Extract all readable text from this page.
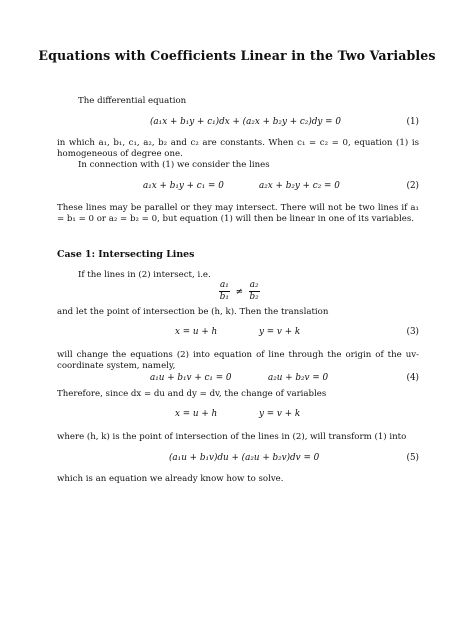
Equations with Coefficients Linear in the Two Variables
The differential equation
(a₁x + b₁y + c₁)dx + (a₂x + b₂y + c₂)dy = 0	(1)
in which a₁, b₁, c₁, a₂, b₂ and c₂ are constants. When c₁ = c₂ = 0, equation (1) is homogeneous of degree one.
In connection with (1) we consider the lines
a₁x + b₁y + c₁ = 0	a₂x + b₂y + c₂ = 0	(2)
These lines may be parallel or they may intersect. There will not be two lines if a₁ = b₁ = 0 or a₂ = b₂ = 0, but equation (1) will then be linear in one of its variables.
Case 1: Intersecting Lines
If the lines in (2) intersect, i.e.
$\frac{\text{a₁}}{\text{b₁}} \ne \frac{\text{a₂}}{\text{b₂}}$
and let the point of intersection be (h, k). Then the translation
x = u + h	y = v + k	(3)
will change the equations (2) into equation of line through the origin of the uv-coordinate system, namely,
a₁u + b₁v + c₁ = 0	a₂u + b₂v = 0	(4)
Therefore, since dx = du and dy = dv, the change of variables
x = u + h	y = v + k
where (h, k) is the point of intersection of the lines in (2), will transform (1) into
(a₁u + b₁v)du + (a₂u + b₂v)dv = 0	(5)
which is an equation we already know how to solve.
